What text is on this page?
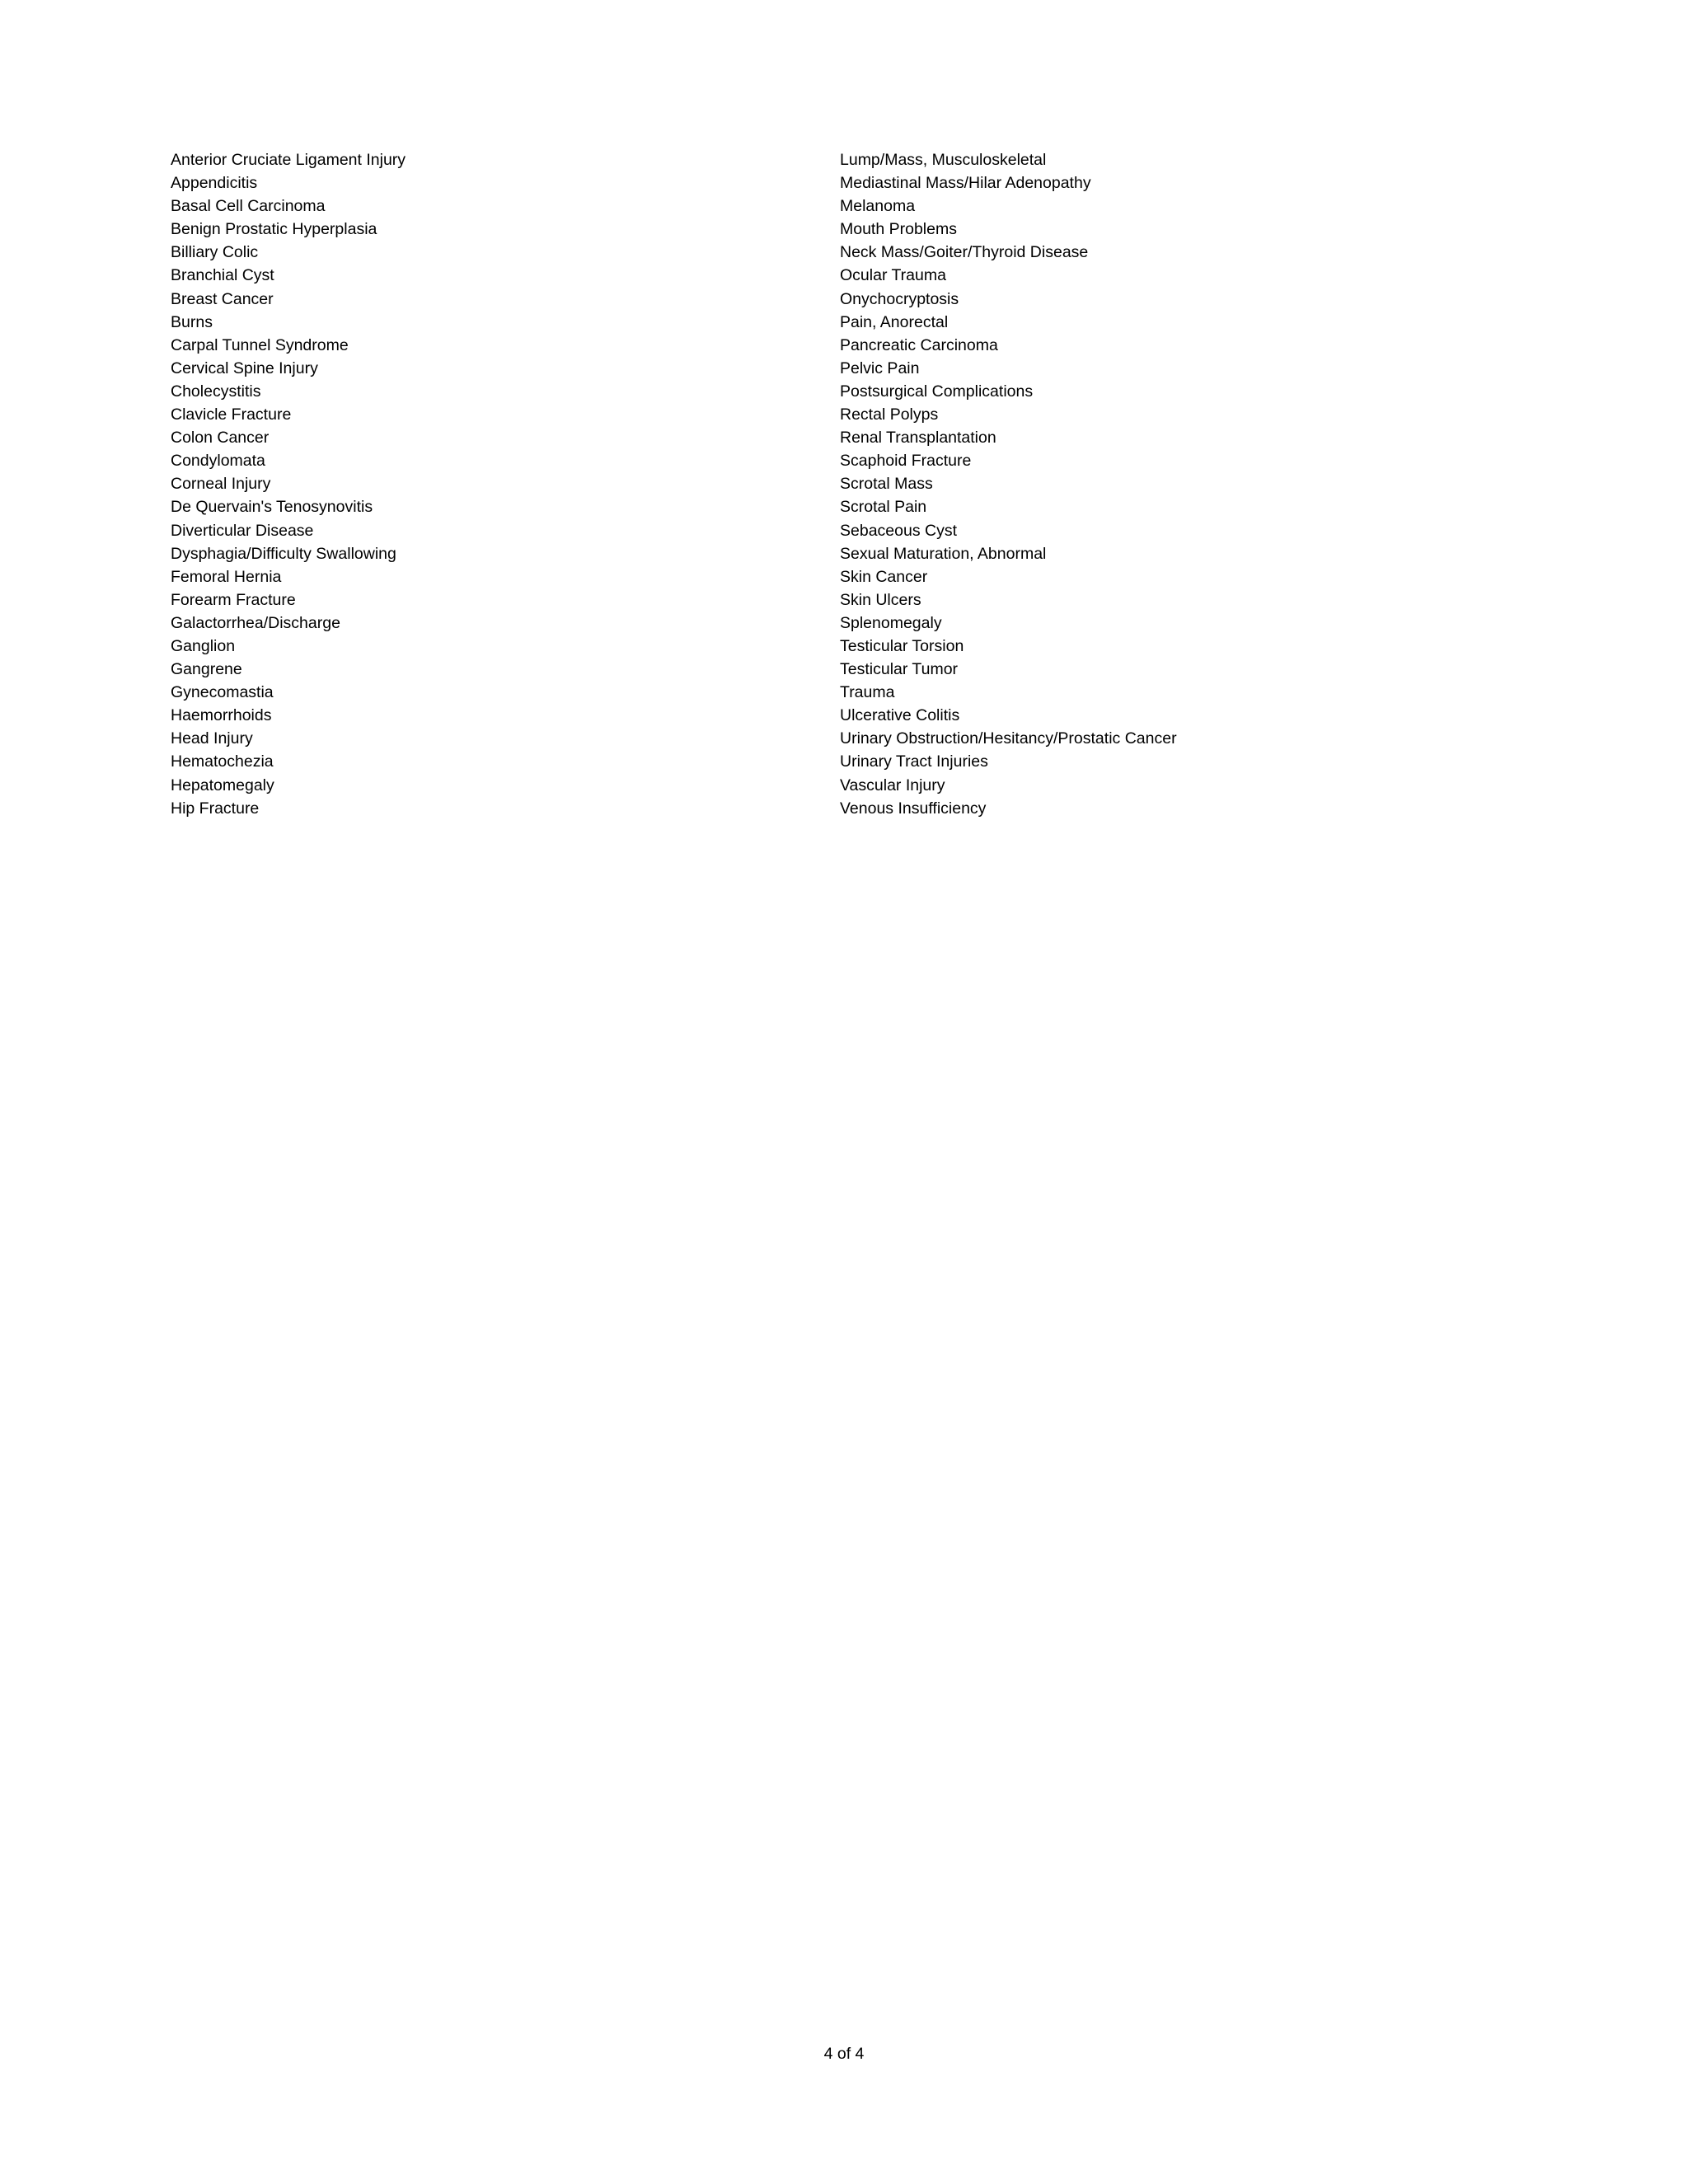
Anterior Cruciate Ligament Injury
Appendicitis
Basal Cell Carcinoma
Benign Prostatic Hyperplasia
Billiary Colic
Branchial Cyst
Breast Cancer
Burns
Carpal Tunnel Syndrome
Cervical Spine Injury
Cholecystitis
Clavicle Fracture
Colon Cancer
Condylomata
Corneal Injury
De Quervain's Tenosynovitis
Diverticular Disease
Dysphagia/Difficulty Swallowing
Femoral Hernia
Forearm Fracture
Galactorrhea/Discharge
Ganglion
Gangrene
Gynecomastia
Haemorrhoids
Head Injury
Hematochezia
Hepatomegaly
Hip Fracture
Lump/Mass, Musculoskeletal
Mediastinal Mass/Hilar Adenopathy
Melanoma
Mouth Problems
Neck Mass/Goiter/Thyroid Disease
Ocular Trauma
Onychocryptosis
Pain, Anorectal
Pancreatic Carcinoma
Pelvic Pain
Postsurgical Complications
Rectal Polyps
Renal Transplantation
Scaphoid Fracture
Scrotal Mass
Scrotal Pain
Sebaceous Cyst
Sexual Maturation, Abnormal
Skin Cancer
Skin Ulcers
Splenomegaly
Testicular Torsion
Testicular Tumor
Trauma
Ulcerative Colitis
Urinary Obstruction/Hesitancy/Prostatic Cancer
Urinary Tract Injuries
Vascular Injury
Venous Insufficiency
4 of 4
